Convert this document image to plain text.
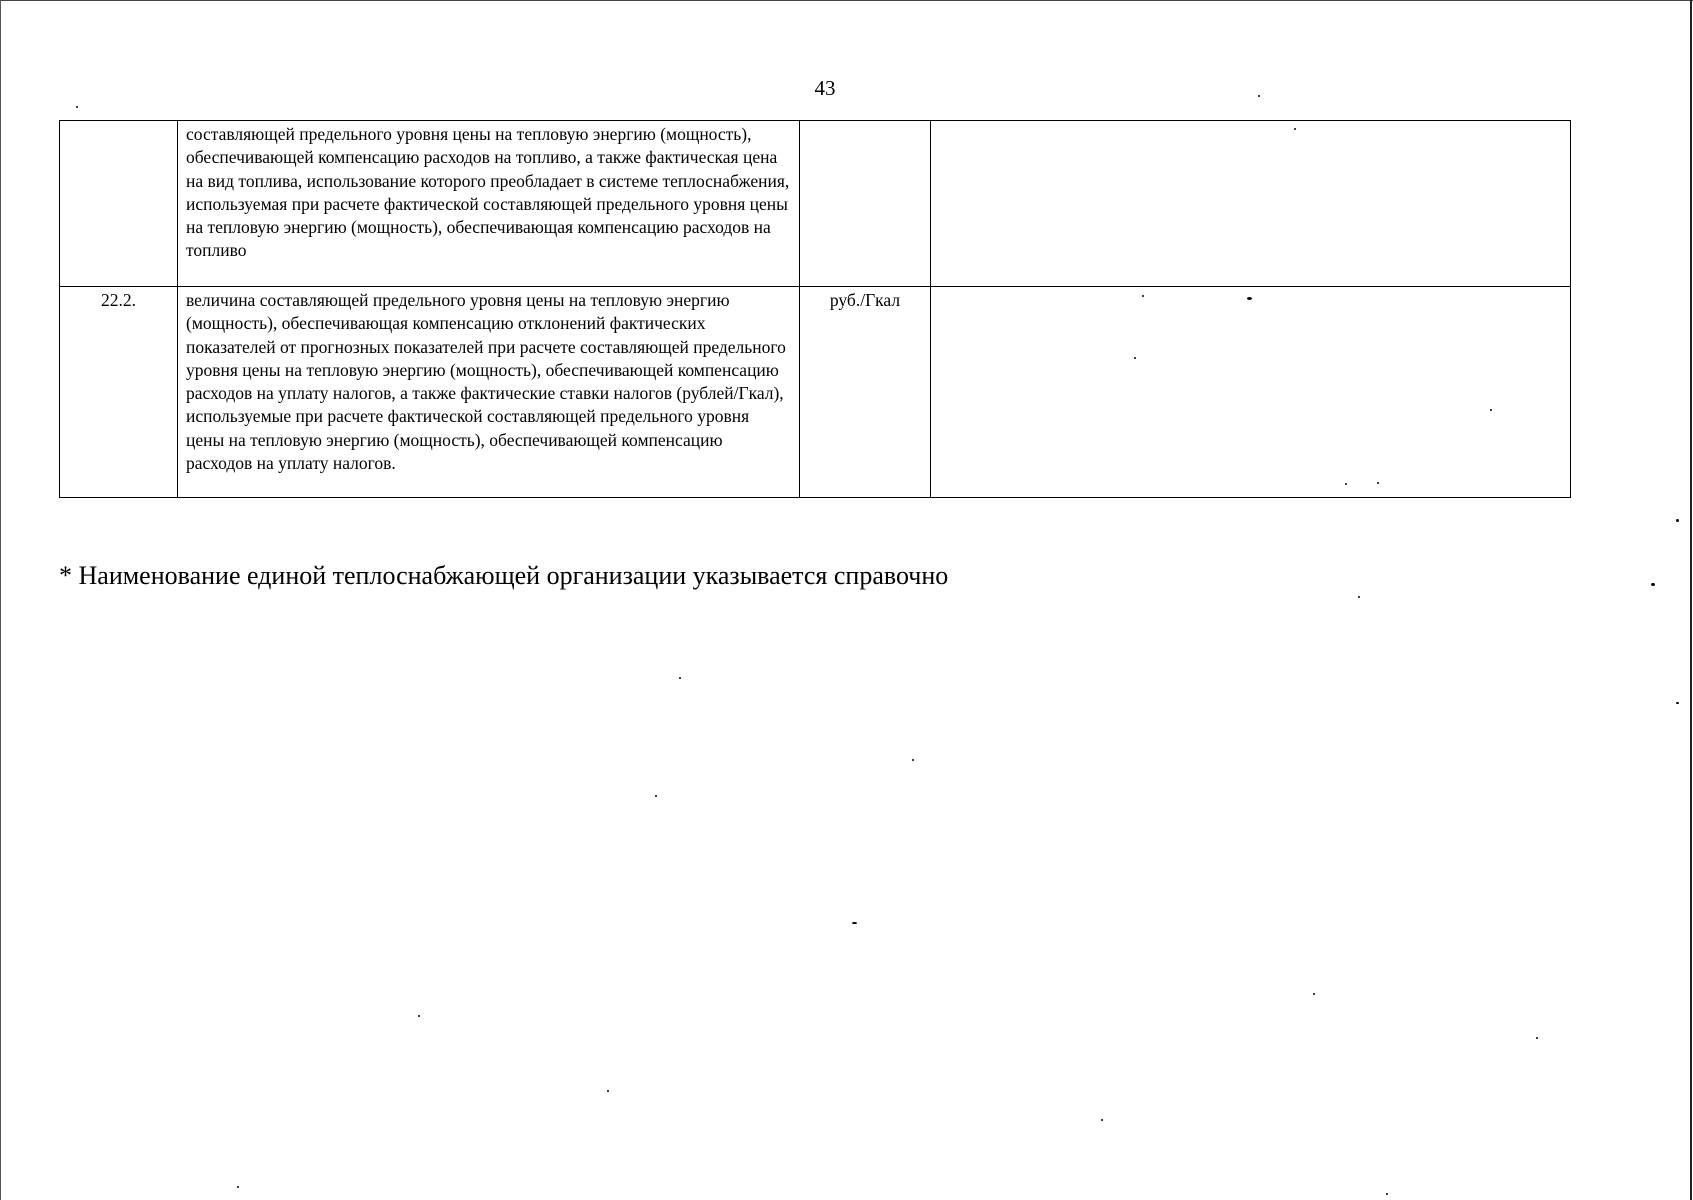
43
	составляющей предельного уровня цены на тепловую энергию (мощность), обеспечивающей компенсацию расходов на топливо, а также фактическая цена на вид топлива, использование которого преобладает в системе теплоснабжения, используемая при расчете фактической составляющей предельного уровня цены на тепловую энергию (мощность), обеспечивающая компенсацию расходов на топливо		
22.2.	величина составляющей предельного уровня цены на тепловую энергию (мощность), обеспечивающая компенсацию отклонений фактических показателей от прогнозных показателей при расчете составляющей предельного уровня цены на тепловую энергию (мощность), обеспечивающей компенсацию расходов на уплату налогов, а также фактические ставки налогов (рублей/Гкал), используемые при расчете фактической составляющей предельного уровня цены на тепловую энергию (мощность), обеспечивающей компенсацию расходов на уплату налогов.	руб./Гкал	
* Наименование единой теплоснабжающей организации указывается справочно
